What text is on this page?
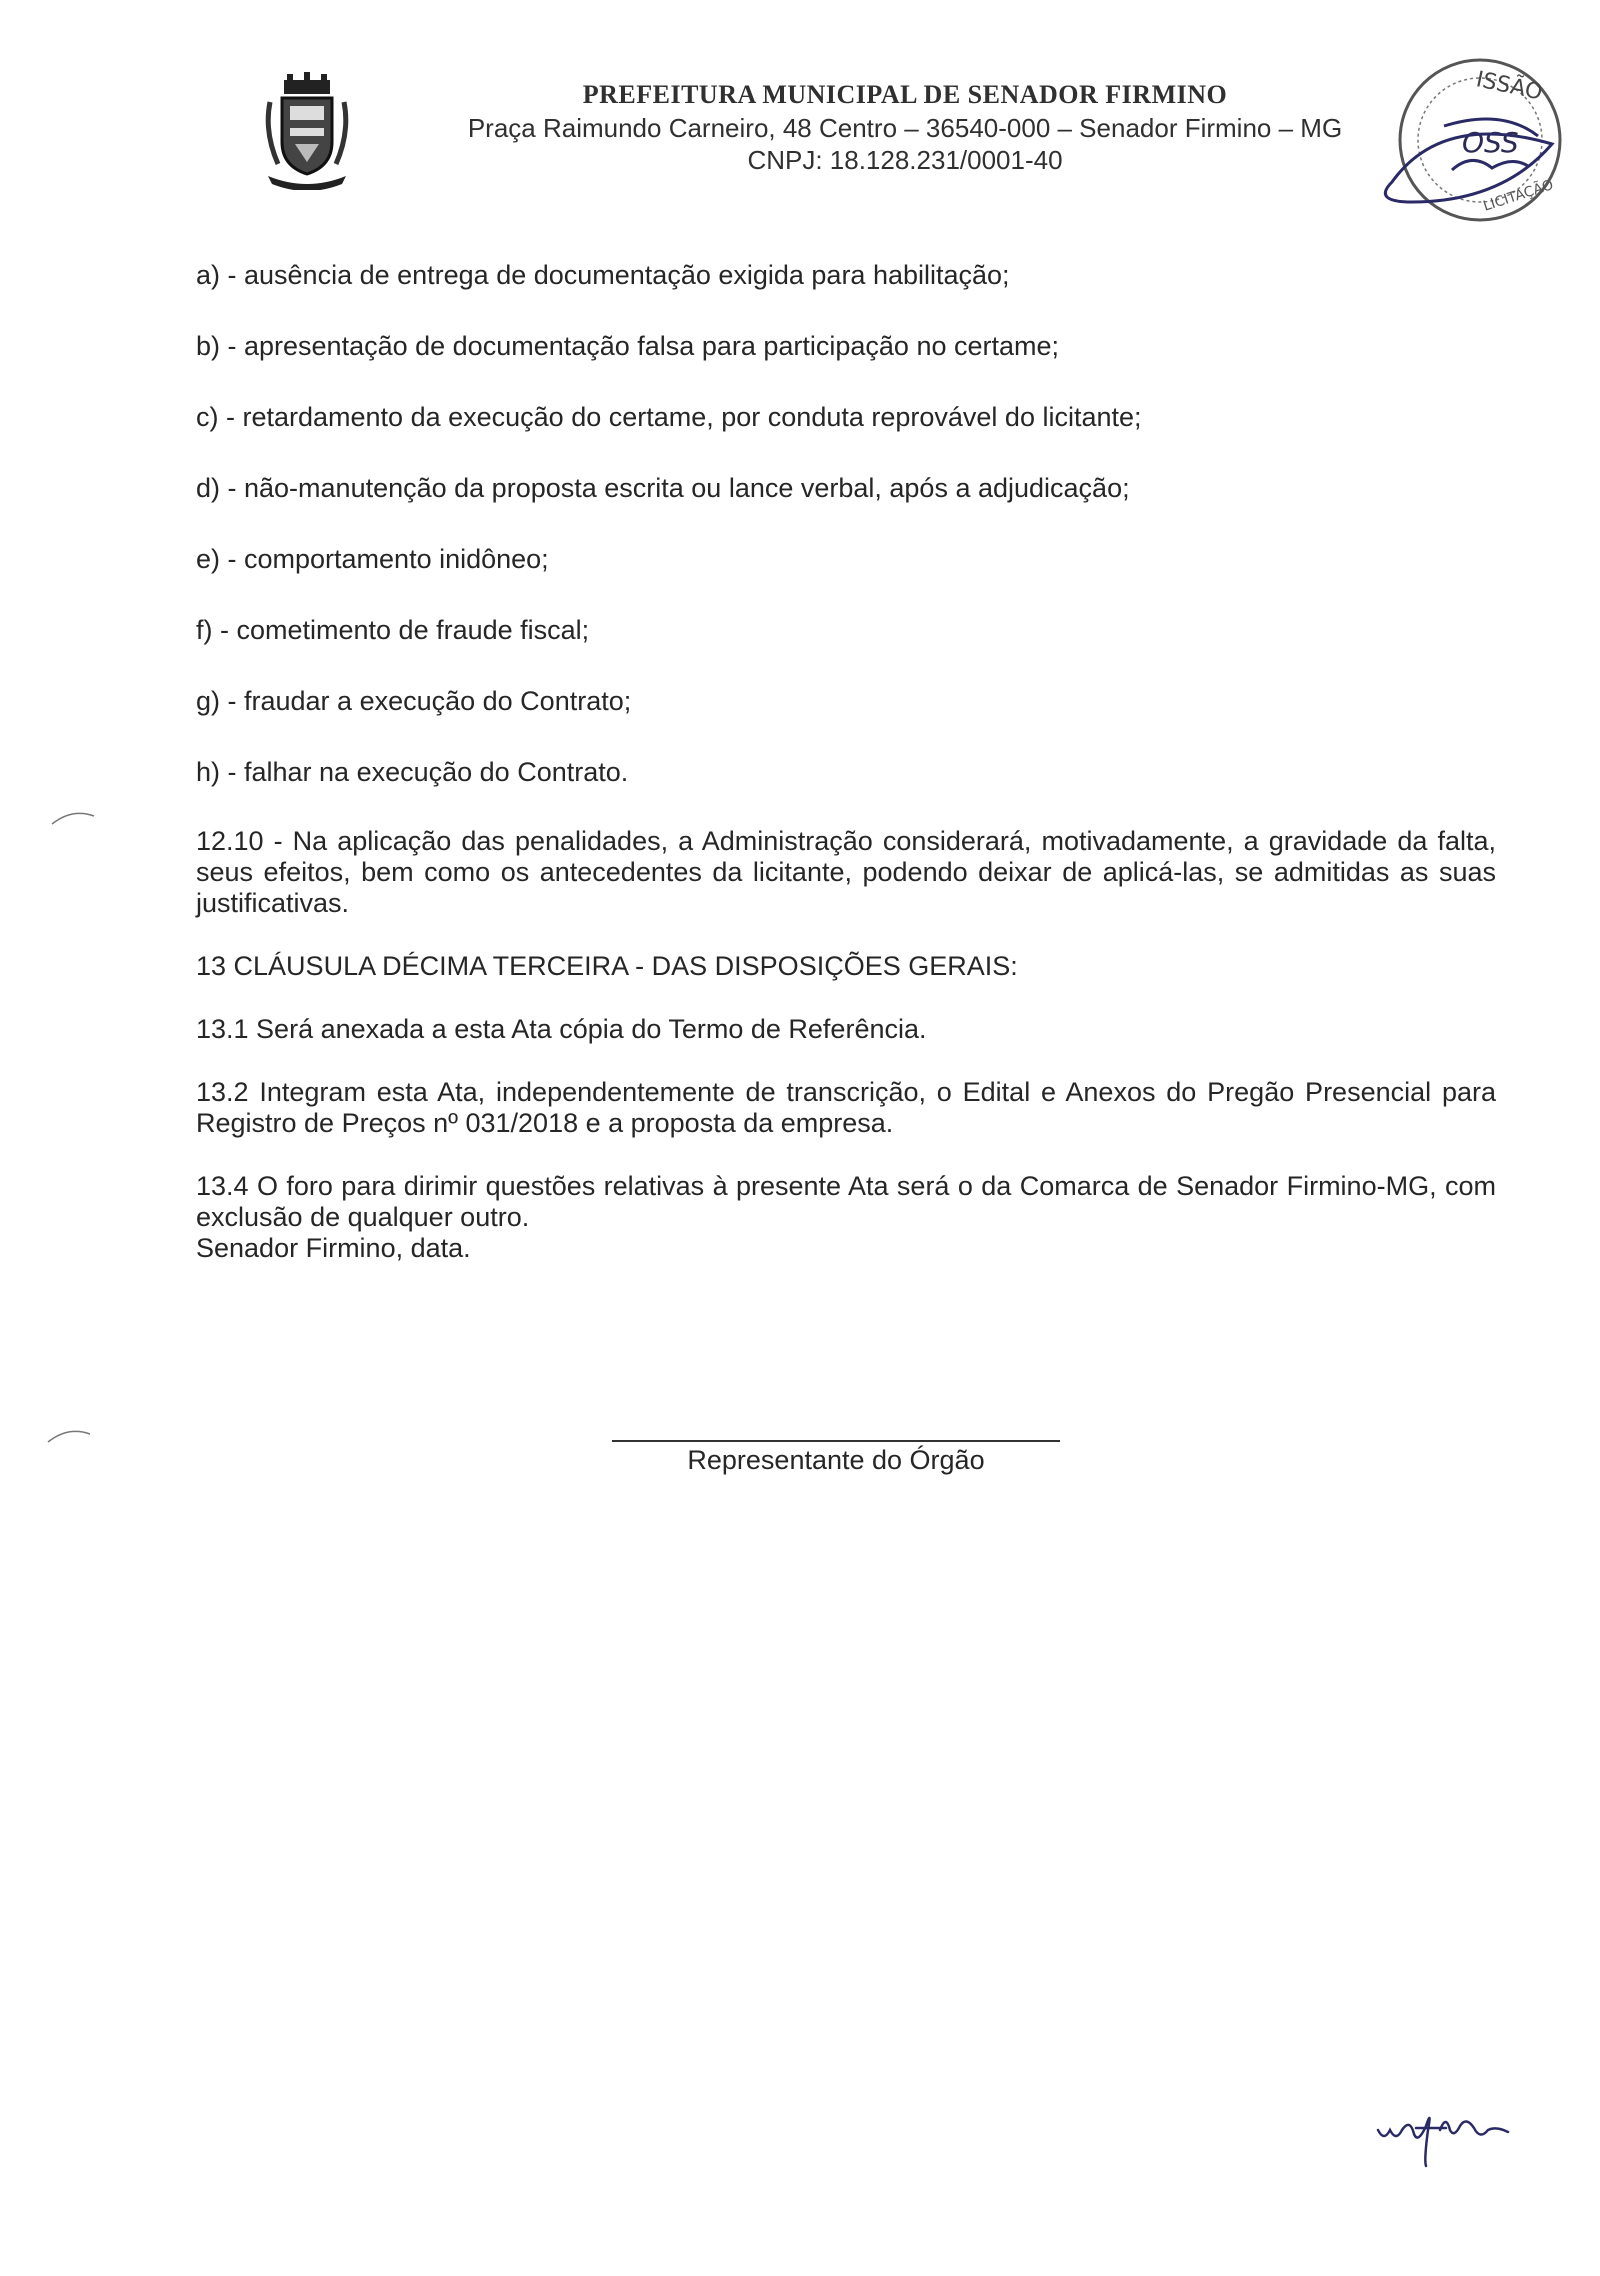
PREFEITURA MUNICIPAL DE SENADOR FIRMINO
Praça Raimundo Carneiro, 48 Centro – 36540-000 – Senador Firmino – MG
CNPJ: 18.128.231/0001-40
ISSÃO
OSS
LICITAÇÃO
a) - ausência de entrega de documentação exigida para habilitação;
b) - apresentação de documentação falsa para participação no certame;
c) - retardamento da execução do certame, por conduta reprovável do licitante;
d) - não-manutenção da proposta escrita ou lance verbal, após a adjudicação;
e) - comportamento inidôneo;
f) - cometimento de fraude fiscal;
g) - fraudar a execução do Contrato;
h) - falhar na execução do Contrato.
12.10 - Na aplicação das penalidades, a Administração considerará, motivadamente, a gravidade da falta, seus efeitos, bem como os antecedentes da licitante, podendo deixar de aplicá-las, se admitidas as suas justificativas.
13 CLÁUSULA DÉCIMA TERCEIRA - DAS DISPOSIÇÕES GERAIS:
13.1 Será anexada a esta Ata cópia do Termo de Referência.
13.2 Integram esta Ata, independentemente de transcrição, o Edital e Anexos do Pregão Presencial para Registro de Preços nº 031/2018 e a proposta da empresa.
13.4 O foro para dirimir questões relativas à presente Ata será o da Comarca de Senador Firmino-MG, com exclusão de qualquer outro.
Senador Firmino, data.
Representante do Órgão
